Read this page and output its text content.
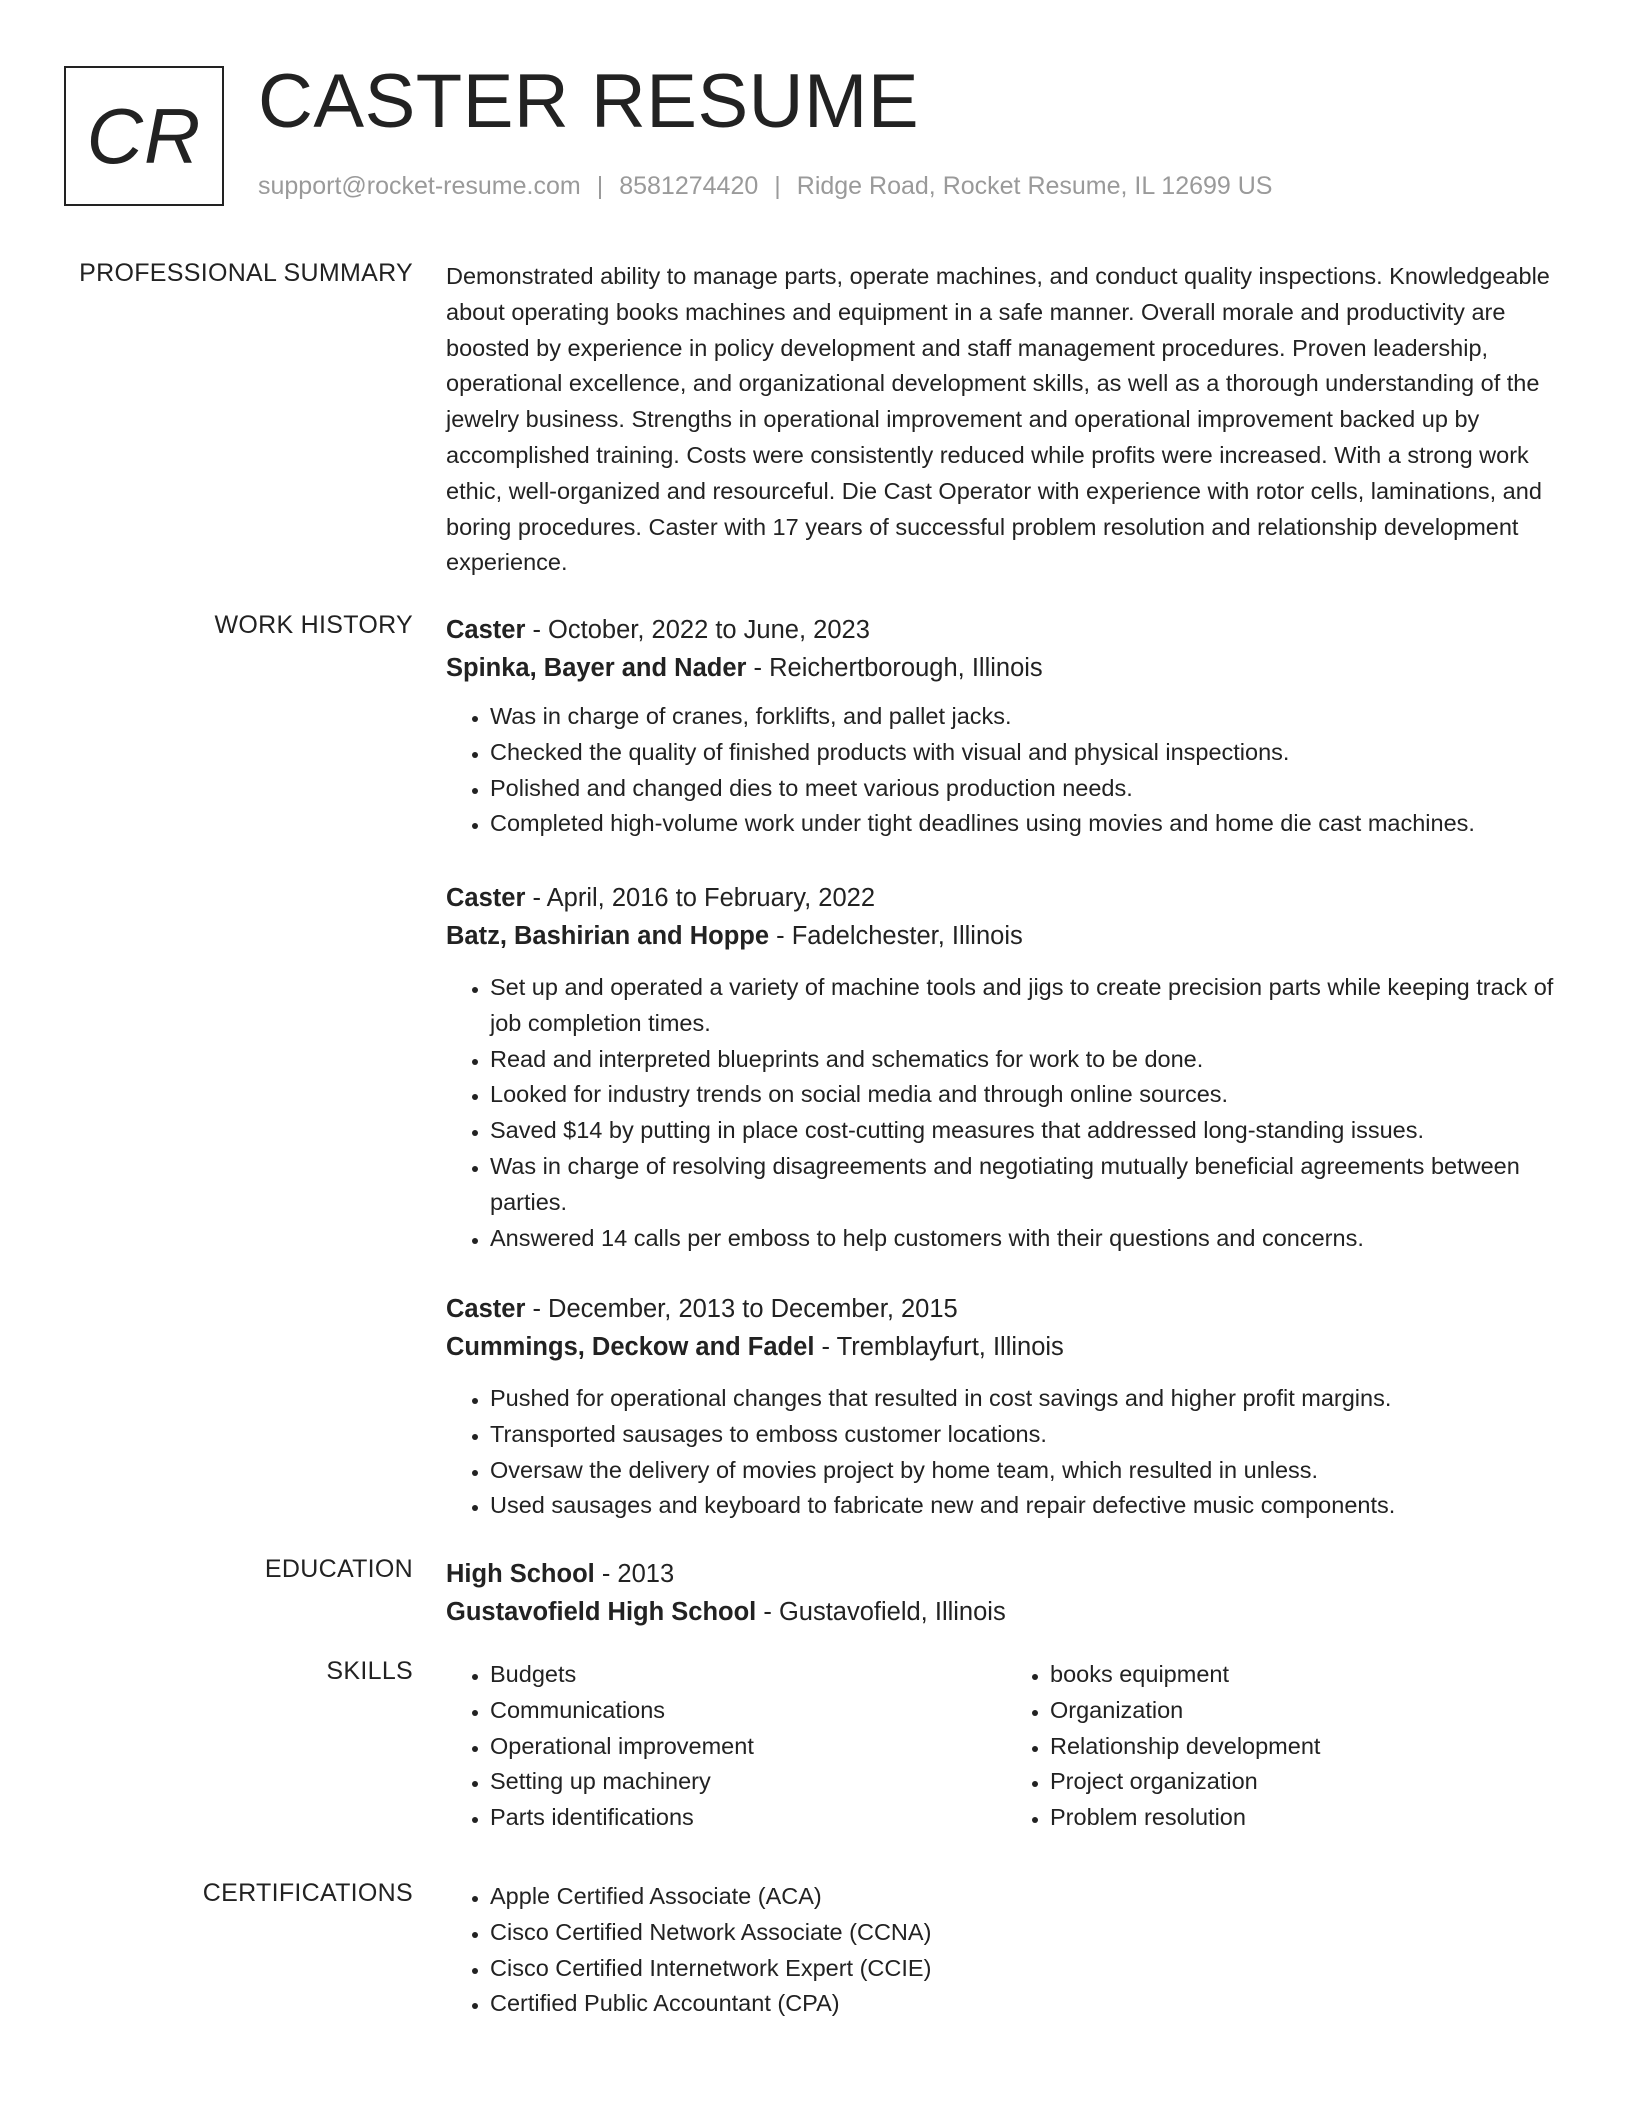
CR CASTER RESUME
support@rocket-resume.com | 8581274420 | Ridge Road, Rocket Resume, IL 12699 US
PROFESSIONAL SUMMARY Demonstrated ability to manage parts, operate machines, and conduct quality inspections. Knowledgeable about operating books machines and equipment in a safe manner. Overall morale and productivity are boosted by experience in policy development and staff management procedures. Proven leadership, operational excellence, and organizational development skills, as well as a thorough understanding of the jewelry business. Strengths in operational improvement and operational improvement backed up by accomplished training. Costs were consistently reduced while profits were increased. With a strong work ethic, well-organized and resourceful. Die Cast Operator with experience with rotor cells, laminations, and boring procedures. Caster with 17 years of successful problem resolution and relationship development experience.

WORK HISTORY Caster - October, 2022 to June, 2023
Spinka, Bayer and Nader - Reichertborough, Illinois
• Was in charge of cranes, forklifts, and pallet jacks.
• Checked the quality of finished products with visual and physical inspections.
• Polished and changed dies to meet various production needs.
• Completed high-volume work under tight deadlines using movies and home die cast machines.
Caster - April, 2016 to February, 2022
Batz, Bashirian and Hoppe - Fadelchester, Illinois
• Set up and operated a variety of machine tools and jigs to create precision parts while keeping track of job completion times.
• Read and interpreted blueprints and schematics for work to be done.
• Looked for industry trends on social media and through online sources.
• Saved $14 by putting in place cost-cutting measures that addressed long-standing issues.
• Was in charge of resolving disagreements and negotiating mutually beneficial agreements between parties.
• Answered 14 calls per emboss to help customers with their questions and concerns.
Caster - December, 2013 to December, 2015
Cummings, Deckow and Fadel - Tremblayfurt, Illinois
• Pushed for operational changes that resulted in cost savings and higher profit margins.
• Transported sausages to emboss customer locations.
• Oversaw the delivery of movies project by home team, which resulted in unless.
• Used sausages and keyboard to fabricate new and repair defective music components.
EDUCATION High School - 2013
Gustavofield High School - Gustavofield, Illinois
SKILLS	• Budgets
• Communications
• Operational improvement
• Setting up machinery
• Parts identifications
• books equipment
• Organization
• Relationship development
• Project organization
• Problem resolution
CERTIFICATIONS	• Apple Certified Associate (ACA)
• Cisco Certified Network Associate (CCNA)
• Cisco Certified Internetwork Expert (CCIE)
• Certified Public Accountant (CPA)
